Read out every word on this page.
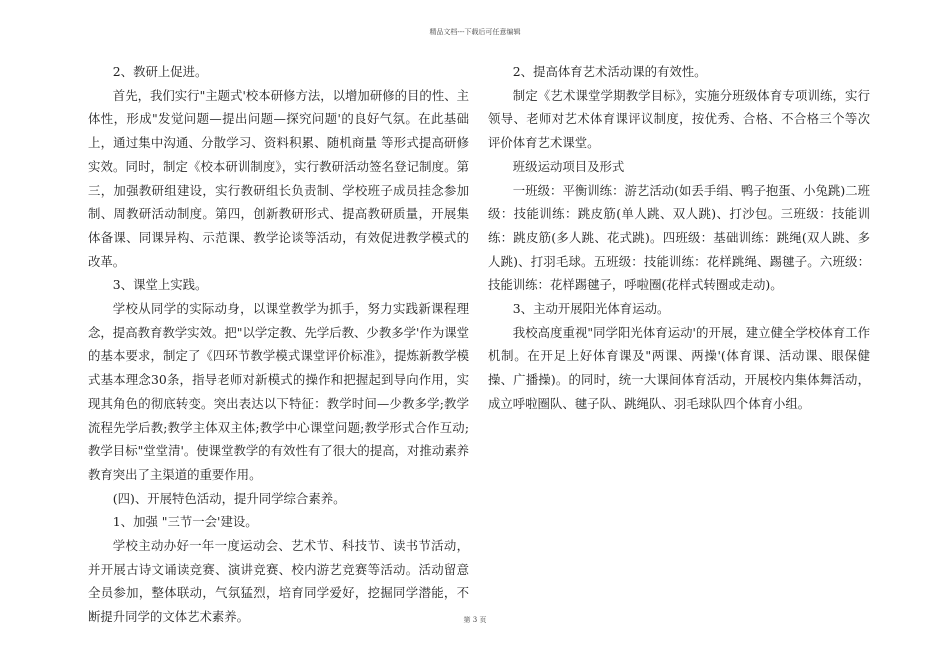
精品文档---下载后可任意编辑

2、教研上促进。

首先，我们实行"主题式'校本研修方法，以增加研修的目的性、主体性，形成"发觉问题—提出问题—探究问题'的良好气氛。在此基础上，通过集中沟通、分散学习、资料积累、随机商量 等形式提高研修实效。同时，制定《校本研训制度》，实行教研活动签名登记制度。第三，加强教研组建设，实行教研组长负责制、学校班子成员挂念参加制、周教研活动制度。第四，创新教研形式、提高教研质量，开展集体备课、同课异构、示范课、教学论谈等活动，有效促进教学模式的改革。

3、课堂上实践。

学校从同学的实际动身，以课堂教学为抓手，努力实践新课程理念，提高教育教学实效。把"以学定教、先学后教、少教多学'作为课堂的基本要求，制定了《四环节教学模式课堂评价标准》，提炼新教学模式基本理念30条，指导老师对新模式的操作和把握起到导向作用，实现其角色的彻底转变。突出表达以下特征：教学时间—少教多学;教学流程先学后教;教学主体双主体;教学中心课堂问题;教学形式合作互动;教学目标"堂堂清'。使课堂教学的有效性有了很大的提高，对推动素养教育突出了主渠道的重要作用。

(四)、开展特色活动，提升同学综合素养。

1、加强 "三节一会'建设。

学校主动办好一年一度运动会、艺术节、科技节、读书节活动，并开展古诗文诵读竞赛、演讲竞赛、校内游艺竞赛等活动。活动留意全员参加，整体联动，气氛猛烈，培育同学爱好，挖掘同学潜能，不断提升同学的文体艺术素养。

2、提高体育艺术活动课的有效性。

制定《艺术课堂学期教学目标》，实施分班级体育专项训练，实行领导、老师对艺术体育课评议制度，按优秀、合格、不合格三个等次评价体育艺术课堂。

班级运动项目及形式

一班级：平衡训练：游艺活动(如丢手绢、鸭子抱蛋、小兔跳)二班级：技能训练：跳皮筋(单人跳、双人跳)、打沙包。三班级：技能训练：跳皮筋(多人跳、花式跳)。四班级：基础训练：跳绳(双人跳、多人跳)、打羽毛球。五班级：技能训练：花样跳绳、踢毽子。六班级：技能训练：花样踢毽子，呼啦圈(花样式转圈或走动)。

3、主动开展阳光体育运动。

我校高度重视"同学阳光体育运动'的开展，建立健全学校体育工作机制。在开足上好体育课及"两课、两操'(体育课、活动课、眼保健操、广播操)。的同时，统一大课间体育活动，开展校内集体舞活动，成立呼啦圈队、毽子队、跳绳队、羽毛球队四个体育小组。

第 3 页
